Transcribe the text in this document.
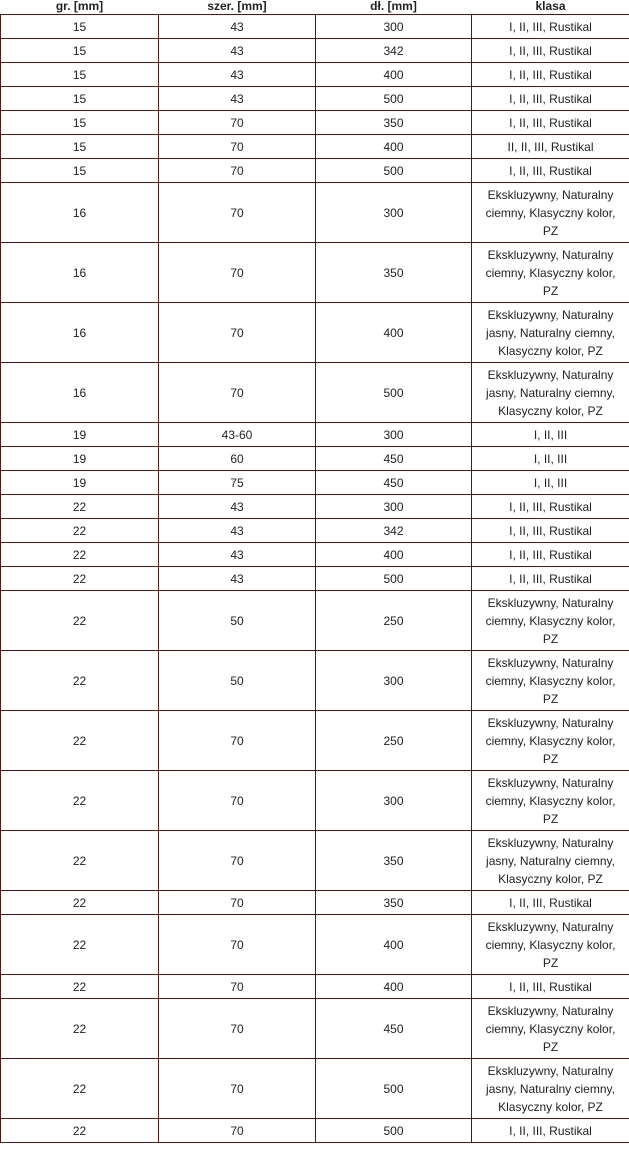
gr. [mm]	szer. [mm]	dł. [mm]	klasa
15	43	300	I, II, III, Rustikal
15	43	342	I, II, III, Rustikal
15	43	400	I, II, III, Rustikal
15	43	500	I, II, III, Rustikal
15	70	350	I, II, III, Rustikal
15	70	400	II, II, III, Rustikal
15	70	500	I, II, III, Rustikal
16	70	300	Ekskluzywny, Naturalny ciemny, Klasyczny kolor, PZ
16	70	350	Ekskluzywny, Naturalny ciemny, Klasyczny kolor, PZ
16	70	400	Ekskluzywny, Naturalny jasny, Naturalny ciemny, Klasyczny kolor, PZ
16	70	500	Ekskluzywny, Naturalny jasny, Naturalny ciemny, Klasyczny kolor, PZ
19	43-60	300	I, II, III
19	60	450	I, II, III
19	75	450	I, II, III
22	43	300	I, II, III, Rustikal
22	43	342	I, II, III, Rustikal
22	43	400	I, II, III, Rustikal
22	43	500	I, II, III, Rustikal
22	50	250	Ekskluzywny, Naturalny ciemny, Klasyczny kolor, PZ
22	50	300	Ekskluzywny, Naturalny ciemny, Klasyczny kolor, PZ
22	70	250	Ekskluzywny, Naturalny ciemny, Klasyczny kolor, PZ
22	70	300	Ekskluzywny, Naturalny ciemny, Klasyczny kolor, PZ
22	70	350	Ekskluzywny, Naturalny jasny, Naturalny ciemny, Klasyczny kolor, PZ
22	70	350	I, II, III, Rustikal
22	70	400	Ekskluzywny, Naturalny ciemny, Klasyczny kolor, PZ
22	70	400	I, II, III, Rustikal
22	70	450	Ekskluzywny, Naturalny ciemny, Klasyczny kolor, PZ
22	70	500	Ekskluzywny, Naturalny jasny, Naturalny ciemny, Klasyczny kolor, PZ
22	70	500	I, II, III, Rustikal
